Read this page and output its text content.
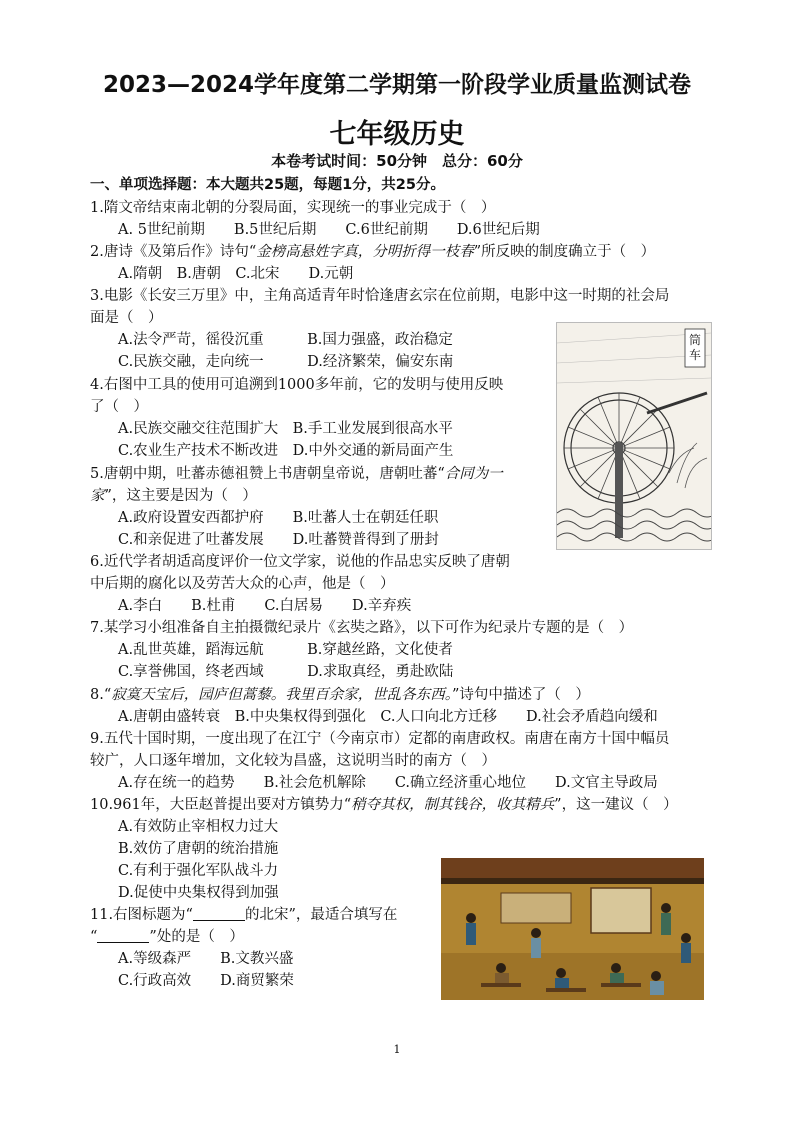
2023—2024学年度第二学期第一阶段学业质量监测试卷
七年级历史
本卷考试时间：50分钟　总分：60分
一、单项选择题：本大题共25题，每题1分，共25分。
1.隋文帝结束南北朝的分裂局面，实现统一的事业完成于（　）
A. 5世纪前期　　B.5世纪后期　　C.6世纪前期　　D.6世纪后期
2.唐诗《及第后作》诗句“金榜高悬姓字真，分明折得一枝春”所反映的制度确立于（　）
A.隋朝　B.唐朝　C.北宋　　D.元朝
3.电影《长安三万里》中，主角高适青年时恰逢唐玄宗在位前期，电影中这一时期的社会局
面是（　）
A.法令严苛，徭役沉重　　　B.国力强盛，政治稳定
C.民族交融，走向统一　　　D.经济繁荣，偏安东南
4.右图中工具的使用可追溯到1000多年前，它的发明与使用反映
了（　）
A.民族交融交往范围扩大　B.手工业发展到很高水平
C.农业生产技术不断改进　D.中外交通的新局面产生
5.唐朝中期，吐蕃赤德祖赞上书唐朝皇帝说，唐朝吐蕃“合同为一
家”，这主要是因为（　）
A.政府设置安西都护府　　B.吐蕃人士在朝廷任职
C.和亲促进了吐蕃发展　　D.吐蕃赞普得到了册封
6.近代学者胡适高度评价一位文学家，说他的作品忠实反映了唐朝
中后期的腐化以及劳苦大众的心声，他是（　）
A.李白　　B.杜甫　　C.白居易　　D.辛弃疾
7.某学习小组准备自主拍摄微纪录片《玄奘之路》，以下可作为纪录片专题的是（　）
A.乱世英雄，蹈海远航　　　B.穿越丝路，文化使者
C.享誉佛国，终老西域　　　D.求取真经，勇赴欧陆
8.“寂寞天宝后，园庐但蒿藜。我里百余家，世乱各东西。”诗句中描述了（　）
A.唐朝由盛转衰　B.中央集权得到强化　C.人口向北方迁移　　D.社会矛盾趋向缓和
9.五代十国时期，一度出现了在江宁（今南京市）定都的南唐政权。南唐在南方十国中幅员
较广，人口逐年增加，文化较为昌盛，这说明当时的南方（　）
A.存在统一的趋势　　B.社会危机解除　　C.确立经济重心地位　　D.文官主导政局
10.961年，大臣赵普提出要对方镇势力“稍夺其权，制其钱谷，收其精兵”，这一建议（　）
A.有效防止宰相权力过大
B.效仿了唐朝的统治措施
C.有利于强化军队战斗力
D.促使中央集权得到加强
11.右图标题为“	的北宋”，最适合填写在
“	”处的是（　）
A.等级森严　　B.文教兴盛
C.行政高效　　D.商贸繁荣
筒车
1
